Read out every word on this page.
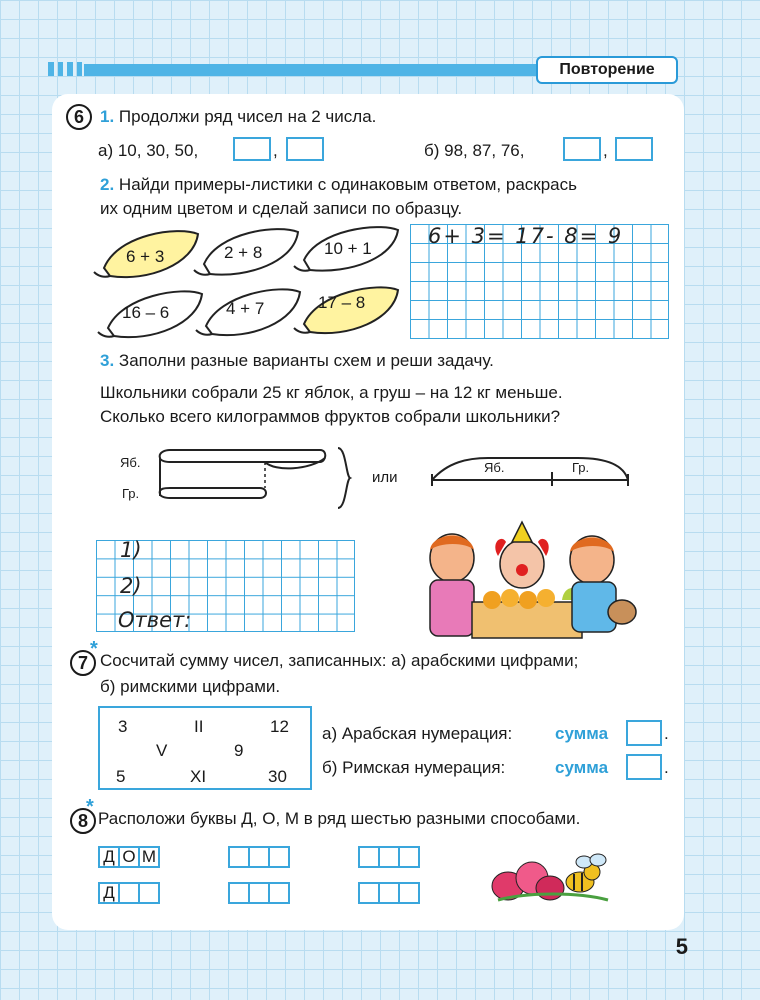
Повторение
6 1. Продолжи ряд чисел на 2 числа.
а) 10, 30, 50,	,	б) 98, 87, 76,	,
2. Найди примеры-листики с одинаковым ответом, раскрась
их одним цветом и сделай записи по образцу.
6 + 3	2 + 8	10 + 1
16 – 6	4 + 7	17 – 8
6+ 3= 17- 8= 9
3. Заполни разные варианты схем и реши задачу.
Школьники собрали 25 кг яблок, а груш – на 12 кг меньше.
Сколько всего килограммов фруктов собрали школьники?
Яб.
Гр.
или
Яб.	Гр.
1)
2)
Ответ:
7
*
Сосчитай сумму чисел, записанных: а) арабскими цифрами;
б) римскими цифрами.
3	II	12
V	9
5	XI	30
а) Арабская нумерация:	сумма	.
б) Римская нумерация:	сумма	.
8
*
Расположи буквы Д, О, М в ряд шестью разными способами.
Д О М
Д
5
